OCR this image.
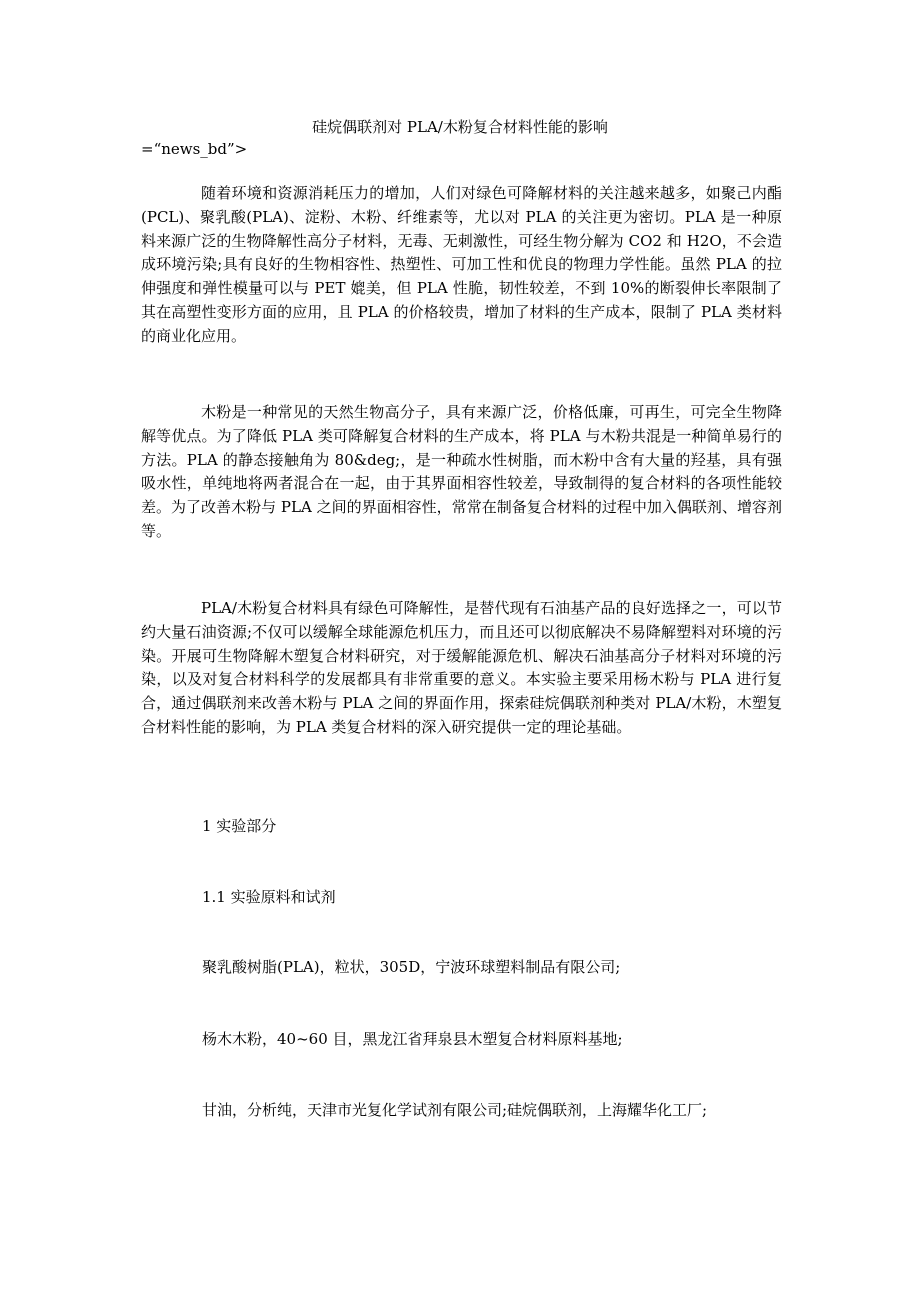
硅烷偶联剂对 PLA/木粉复合材料性能的影响

=“news_bd”>

随着环境和资源消耗压力的增加，人们对绿色可降解材料的关注越来越多，如聚己内酯(PCL)、聚乳酸(PLA)、淀粉、木粉、纤维素等，尤以对 PLA 的关注更为密切。PLA 是一种原料来源广泛的生物降解性高分子材料，无毒、无刺激性，可经生物分解为 CO2 和 H2O，不会造成环境污染;具有良好的生物相容性、热塑性、可加工性和优良的物理力学性能。虽然 PLA 的拉伸强度和弹性模量可以与 PET 媲美，但 PLA 性脆，韧性较差，不到 10%的断裂伸长率限制了其在高塑性变形方面的应用，且 PLA 的价格较贵，增加了材料的生产成本，限制了 PLA 类材料的商业化应用。

木粉是一种常见的天然生物高分子，具有来源广泛，价格低廉，可再生，可完全生物降解等优点。为了降低 PLA 类可降解复合材料的生产成本，将 PLA 与木粉共混是一种简单易行的方法。PLA 的静态接触角为 80&deg;，是一种疏水性树脂，而木粉中含有大量的羟基，具有强吸水性，单纯地将两者混合在一起，由于其界面相容性较差，导致制得的复合材料的各项性能较差。为了改善木粉与 PLA 之间的界面相容性，常常在制备复合材料的过程中加入偶联剂、增容剂等。

PLA/木粉复合材料具有绿色可降解性，是替代现有石油基产品的良好选择之一，可以节约大量石油资源;不仅可以缓解全球能源危机压力，而且还可以彻底解决不易降解塑料对环境的污染。开展可生物降解木塑复合材料研究，对于缓解能源危机、解决石油基高分子材料对环境的污染，以及对复合材料科学的发展都具有非常重要的意义。本实验主要采用杨木粉与 PLA 进行复合，通过偶联剂来改善木粉与 PLA 之间的界面作用，探索硅烷偶联剂种类对 PLA/木粉，木塑复合材料性能的影响，为 PLA 类复合材料的深入研究提供一定的理论基础。

1 实验部分

1.1 实验原料和试剂

聚乳酸树脂(PLA)，粒状，305D，宁波环球塑料制品有限公司;

杨木木粉，40~60 目，黑龙江省拜泉县木塑复合材料原料基地;

甘油，分析纯，天津市光复化学试剂有限公司;硅烷偶联剂，上海耀华化工厂;
